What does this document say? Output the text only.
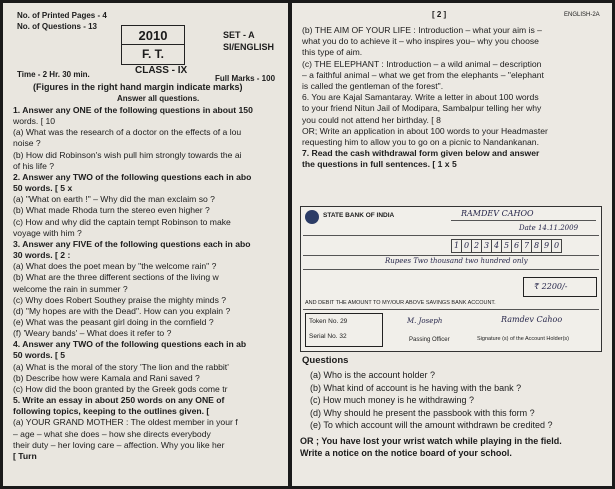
No. of Printed Pages - 4
No. of Questions - 13
2010
F. T.
SET - A
SI/ENGLISH
CLASS - IX
Time - 2 Hr. 30 min.	Full Marks - 100
(Figures in the right hand margin indicate marks)
Answer all questions.
1. Answer any ONE of the following questions in about 150
words. [ 10
(a) What was the research of a doctor on the effects of a lou
noise ?
(b) How did Robinson's wish pull him strongly towards the ai
of his life ?
2. Answer any TWO of the following questions each in abo
50 words. [ 5 x
(a) "What on earth !" – Why did the man exclaim so ?
(b) What made Rhoda turn the stereo even higher ?
(c) How and why did the captain tempt Robinson to make
voyage with him ?
3. Answer any FIVE of the following questions each in abo
30 words. [ 2 :
(a) What does the poet mean by "the welcome rain" ?
(b) What are the three different sections of the living w
welcome the rain in summer ?
(c) Why does Robert Southey praise the mighty minds ?
(d) "My hopes are with the Dead". How can you explain ?
(e) What was the peasant girl doing in the cornfield ?
(f) 'Weary bands' – What does it refer to ?
4. Answer any TWO of the following questions each in ab
50 words. [ 5
(a) What is the moral of the story 'The lion and the rabbit'
(b) Describe how were Kamala and Rani saved ?
(c) How did the boon granted by the Greek gods come tr
5. Write an essay in about 250 words on any ONE of
following topics, keeping to the outlines given. [
(a) YOUR GRAND MOTHER : The oldest member in your f
– age – what she does – how she directs everybody
their duty – her loving care – affection. Why you like her
[ Turn
[ 2 ]	ENGLISH-2A
(b) THE AIM OF YOUR LIFE : Introduction – what your aim is –
what you do to achieve it – who inspires you– why you choose
this type of aim.
(c) THE ELEPHANT : Introduction – a wild animal – description
– a faithful animal – what we get from the elephants – "elephant
is called the gentleman of the forest".
6. You are Kajal Samantaray. Write a letter in about 100 words
to your friend Nitun Jail of Modipara, Sambalpur telling her why
you could not attend her birthday. [ 8
OR; Write an application in about 100 words to your Headmaster
requesting him to allow you to go on a picnic to Nandankanan.
7. Read the cash withdrawal form given below and answer
the questions in full sentences. [ 1 x 5
STATE BANK OF INDIA	RAMDEV CAHOO
Date 14.11.2009
1 0 2 3 4 5 6 7 8 9 0
Rupees Two thousand two hundred only
₹ 2200/-
AND DEBIT THE AMOUNT TO MY/OUR ABOVE SAVINGS BANK ACCOUNT.
Token No. 29
Serial No. 32
M. Joseph
Passing Officer
Ramdev Cahoo
Signature (s) of the Account Holder(s)
Questions
(a) Who is the account holder ?
(b) What kind of account is he having with the bank ?
(c) How much money is he withdrawing ?
(d) Why should he present the passbook with this form ?
(e) To which account will the amount withdrawn be credited ?
OR ; You have lost your wrist watch while playing in the field.
Write a notice on the notice board of your school.
